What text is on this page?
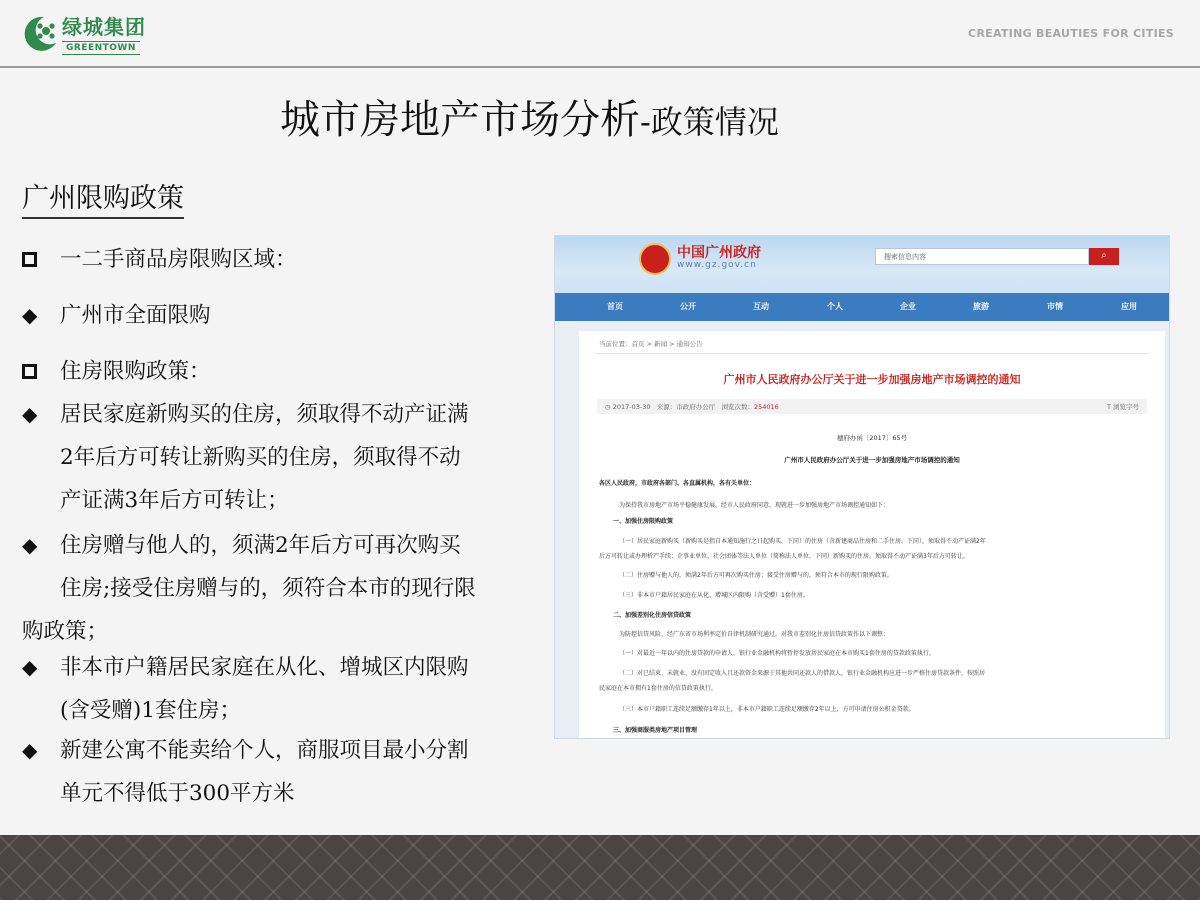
绿城集团
GREENTOWN
CREATING BEAUTIES FOR CITIES
城市房地产市场分析-政策情况
广州限购政策
一二手商品房限购区域：
◆	广州市全面限购
住房限购政策：
◆	居民家庭新购买的住房，须取得不动产证满
2年后方可转让新购买的住房，须取得不动
产证满3年后方可转让；
◆	住房赠与他人的，须满2年后方可再次购买
住房;接受住房赠与的，须符合本市的现行限
购政策；
◆	非本市户籍居民家庭在从化、增城区内限购
(含受赠)1套住房；
◆	新建公寓不能卖给个人，商服项目最小分割
单元不得低于300平方米
中国广州政府
www.gz.gov.cn
搜索信息内容	⌕
首页	公开	互动	个人	企业	旅游	市情	应用
当前位置：首页 > 新闻 > 通知公告
广州市人民政府办公厅关于进一步加强房地产市场调控的通知
◷ 2017-03-30 来源：市政府办公厅 浏览次数：254016	T 浏览字号
穗府办函〔2017〕65号
广州市人民政府办公厅关于进一步加强房地产市场调控的通知
各区人民政府，市政府各部门、各直属机构，各有关单位：
为保持我市房地产市场平稳健康发展，经市人民政府同意，现就进一步加强房地产市场调控通知如下：
一、加强住房限购政策
（一）居民家庭新购买（新购买是指自本通知施行之日起购买，下同）的住房（含新建商品住房和二手住房，下同），须取得不动产证满2年
后方可转让或办理析产手续；企事业单位、社会团体等法人单位（简称法人单位，下同）新购买的住房，须取得不动产证满3年后方可转让。
（二）住房赠与他人的，须满2年后方可再次购买住房；接受住房赠与的，须符合本市的现行限购政策。
（三）非本市户籍居民家庭在从化、增城区内限购（含受赠）1套住房。
二、加强差别化住房信贷政策
为防控信贷风险，经广东省市场利率定价自律机制研究通过，对我市差别化住房信贷政策作以下调整：
（一）对最近一年以内的住房贷款的申请人，银行业金融机构将暂停发放居民家庭在本市购买1套住房的贷款政策执行。
（二）对已结束、未就业、没有固定收入且还款资金来源于其他共同还款人的借款人，银行业金融机构应进一步严格住房贷款条件，按照居
民家庭在本市拥有1套住房的信贷政策执行。
（三）本市户籍职工连续足额缴存1年以上，非本市户籍职工连续足额缴存2年以上，方可申请住房公积金贷款。
三、加强商服类房地产项目管理
